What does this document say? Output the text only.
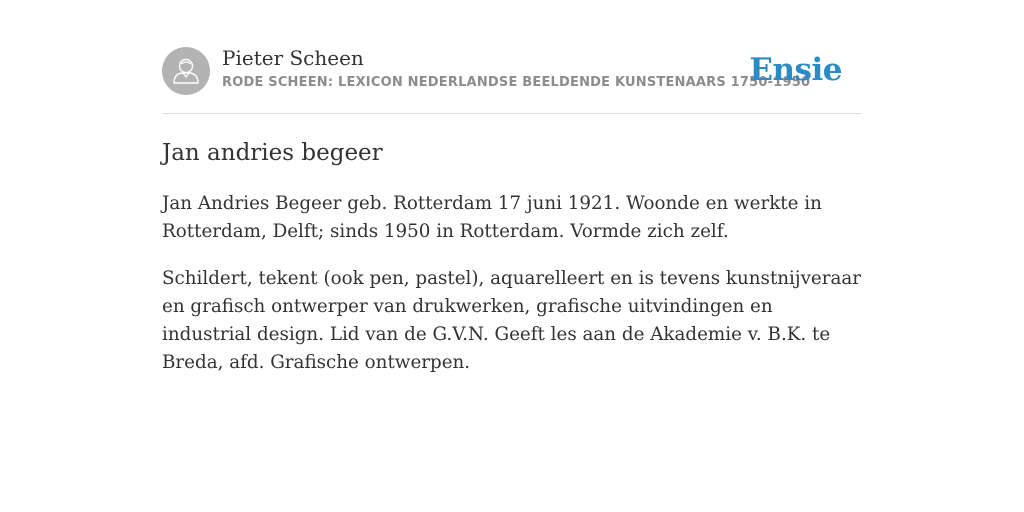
Pieter Scheen
RODE SCHEEN: LEXICON NEDERLANDSE BEELDENDE KUNSTENAARS 1750-1950
Ensie
Jan andries begeer

Jan Andries Begeer geb. Rotterdam 17 juni 1921. Woonde en werkte in Rotterdam, Delft; sinds 1950 in Rotterdam. Vormde zich zelf.

Schildert, tekent (ook pen, pastel), aquarelleert en is tevens kunstnijveraar en grafisch ontwerper van drukwerken, grafische uitvindingen en industrial design. Lid van de G.V.N. Geeft les aan de Akademie v. B.K. te Breda, afd. Grafische ontwerpen.
